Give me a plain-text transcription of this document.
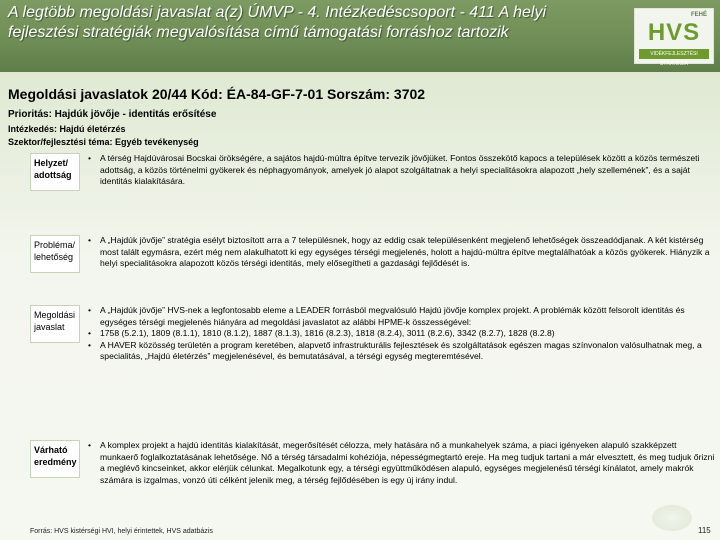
A legtöbb megoldási javaslat a(z) ÚMVP - 4. Intézkedéscsoport - 411 A helyi fejlesztési stratégiák megvalósítása című támogatási forráshoz tartozik
FEHÉ
HVS
VIDÉKFEJLESZTÉSI STRATÉGIA
Megoldási javaslatok 20/44 Kód: ÉA-84-GF-7-01 Sorszám: 3702
Prioritás: Hajdúk jövője - identitás erősítése
Intézkedés: Hajdú életérzés
Szektor/fejlesztési téma: Egyéb tevékenység
Helyzet/ adottság
• A térség Hajdúvárosai Bocskai örökségére, a sajátos hajdú-múltra építve tervezik jövőjüket. Fontos összekötő kapocs a települések között a közös természeti adottság, a közös történelmi gyökerek és néphagyományok, amelyek jó alapot szolgáltatnak a helyi specialitásokra alapozott „hely szellemének”, és a saját identitás kialakítására.
Probléma/ lehetőség
• A „Hajdúk jövője” stratégia esélyt biztosított arra a 7 településnek, hogy az eddig csak településenként megjelenő lehetőségek összeadódjanak. A két kistérség most talált egymásra, ezért még nem alakulhatott ki egy egységes térségi megjelenés, holott a hajdú-múltra építve megtalálhatóak a közös gyökerek. Hiányzik a helyi specialitásokra alapozott közös térségi identitás, mely elősegítheti a gazdasági fejlődését is.
Megoldási javaslat
• A „Hajdúk jövője” HVS-nek a legfontosabb eleme a LEADER forrásból megvalósuló Hajdú jövője komplex projekt. A problémák között felsorolt identitás és egységes térségi megjelenés hiányára ad megoldási javaslatot az alábbi HPME-k összességével:
• 1758 (5.2.1), 1809 (8.1.1), 1810 (8.1.2), 1887 (8.1.3), 1816 (8.2.3), 1818 (8.2.4), 3011 (8.2.6), 3342 (8.2.7), 1828 (8.2.8)
• A HAVER közösség területén a program keretében, alapvető infrastrukturális fejlesztések és szolgáltatások egészen magas színvonalon valósulhatnak meg, a specialitás, „Hajdú életérzés” megjelenésével, és bemutatásával, a térségi egység megteremtésével.
Várható eredmény
• A komplex projekt a hajdú identitás kialakítását, megerősítését célozza, mely hatására nő a munkahelyek száma, a piaci igényeken alapuló szakképzett munkaerő foglalkoztatásának lehetősége. Nő a térség társadalmi kohéziója, népességmegtartó ereje. Ha meg tudjuk tartani a már elvesztett, és meg tudjuk őrizni a meglévő kincseinket, akkor elérjük célunkat. Megalkotunk egy, a térségi együttműködésen alapuló, egységes megjelenésű térségi kínálatot, amely makrók számára is izgalmas, vonzó úti célként jelenik meg, a térség fejlődésében is egy új irány indul.
Forrás: HVS kistérségi HVI, helyi érintettek, HVS adatbázis	115
